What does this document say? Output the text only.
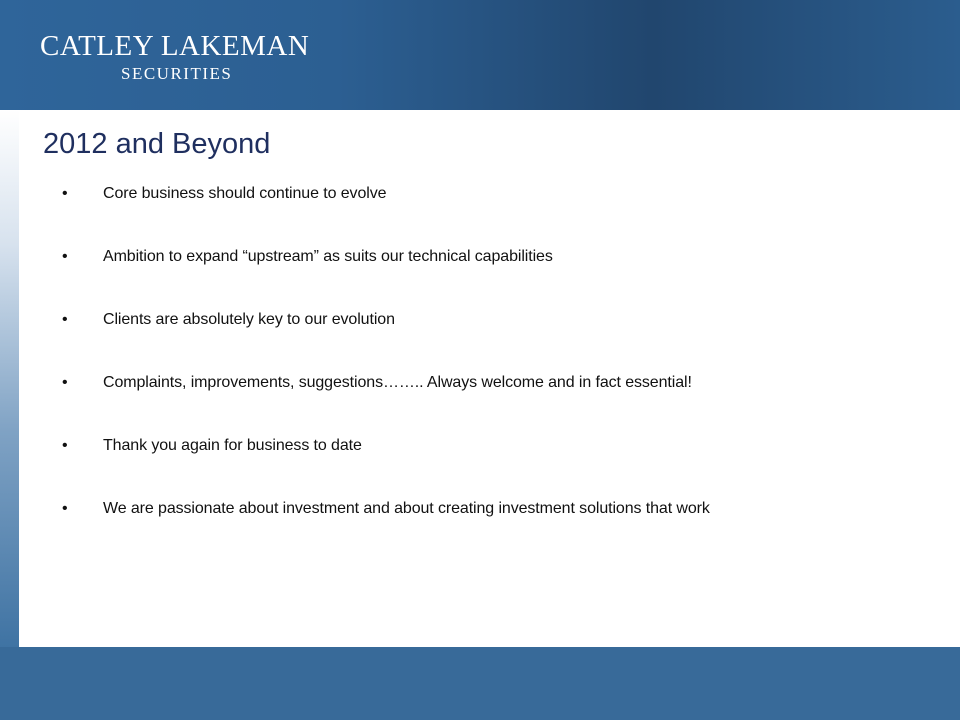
CATLEY LAKEMAN
SECURITIES
2012 and Beyond
• Core business should continue to evolve
• Ambition to expand “upstream” as suits our technical capabilities
• Clients are absolutely key to our evolution
• Complaints, improvements, suggestions…….. Always welcome and in fact essential!
• Thank you again for business to date
• We are passionate about investment and about creating investment solutions that work
